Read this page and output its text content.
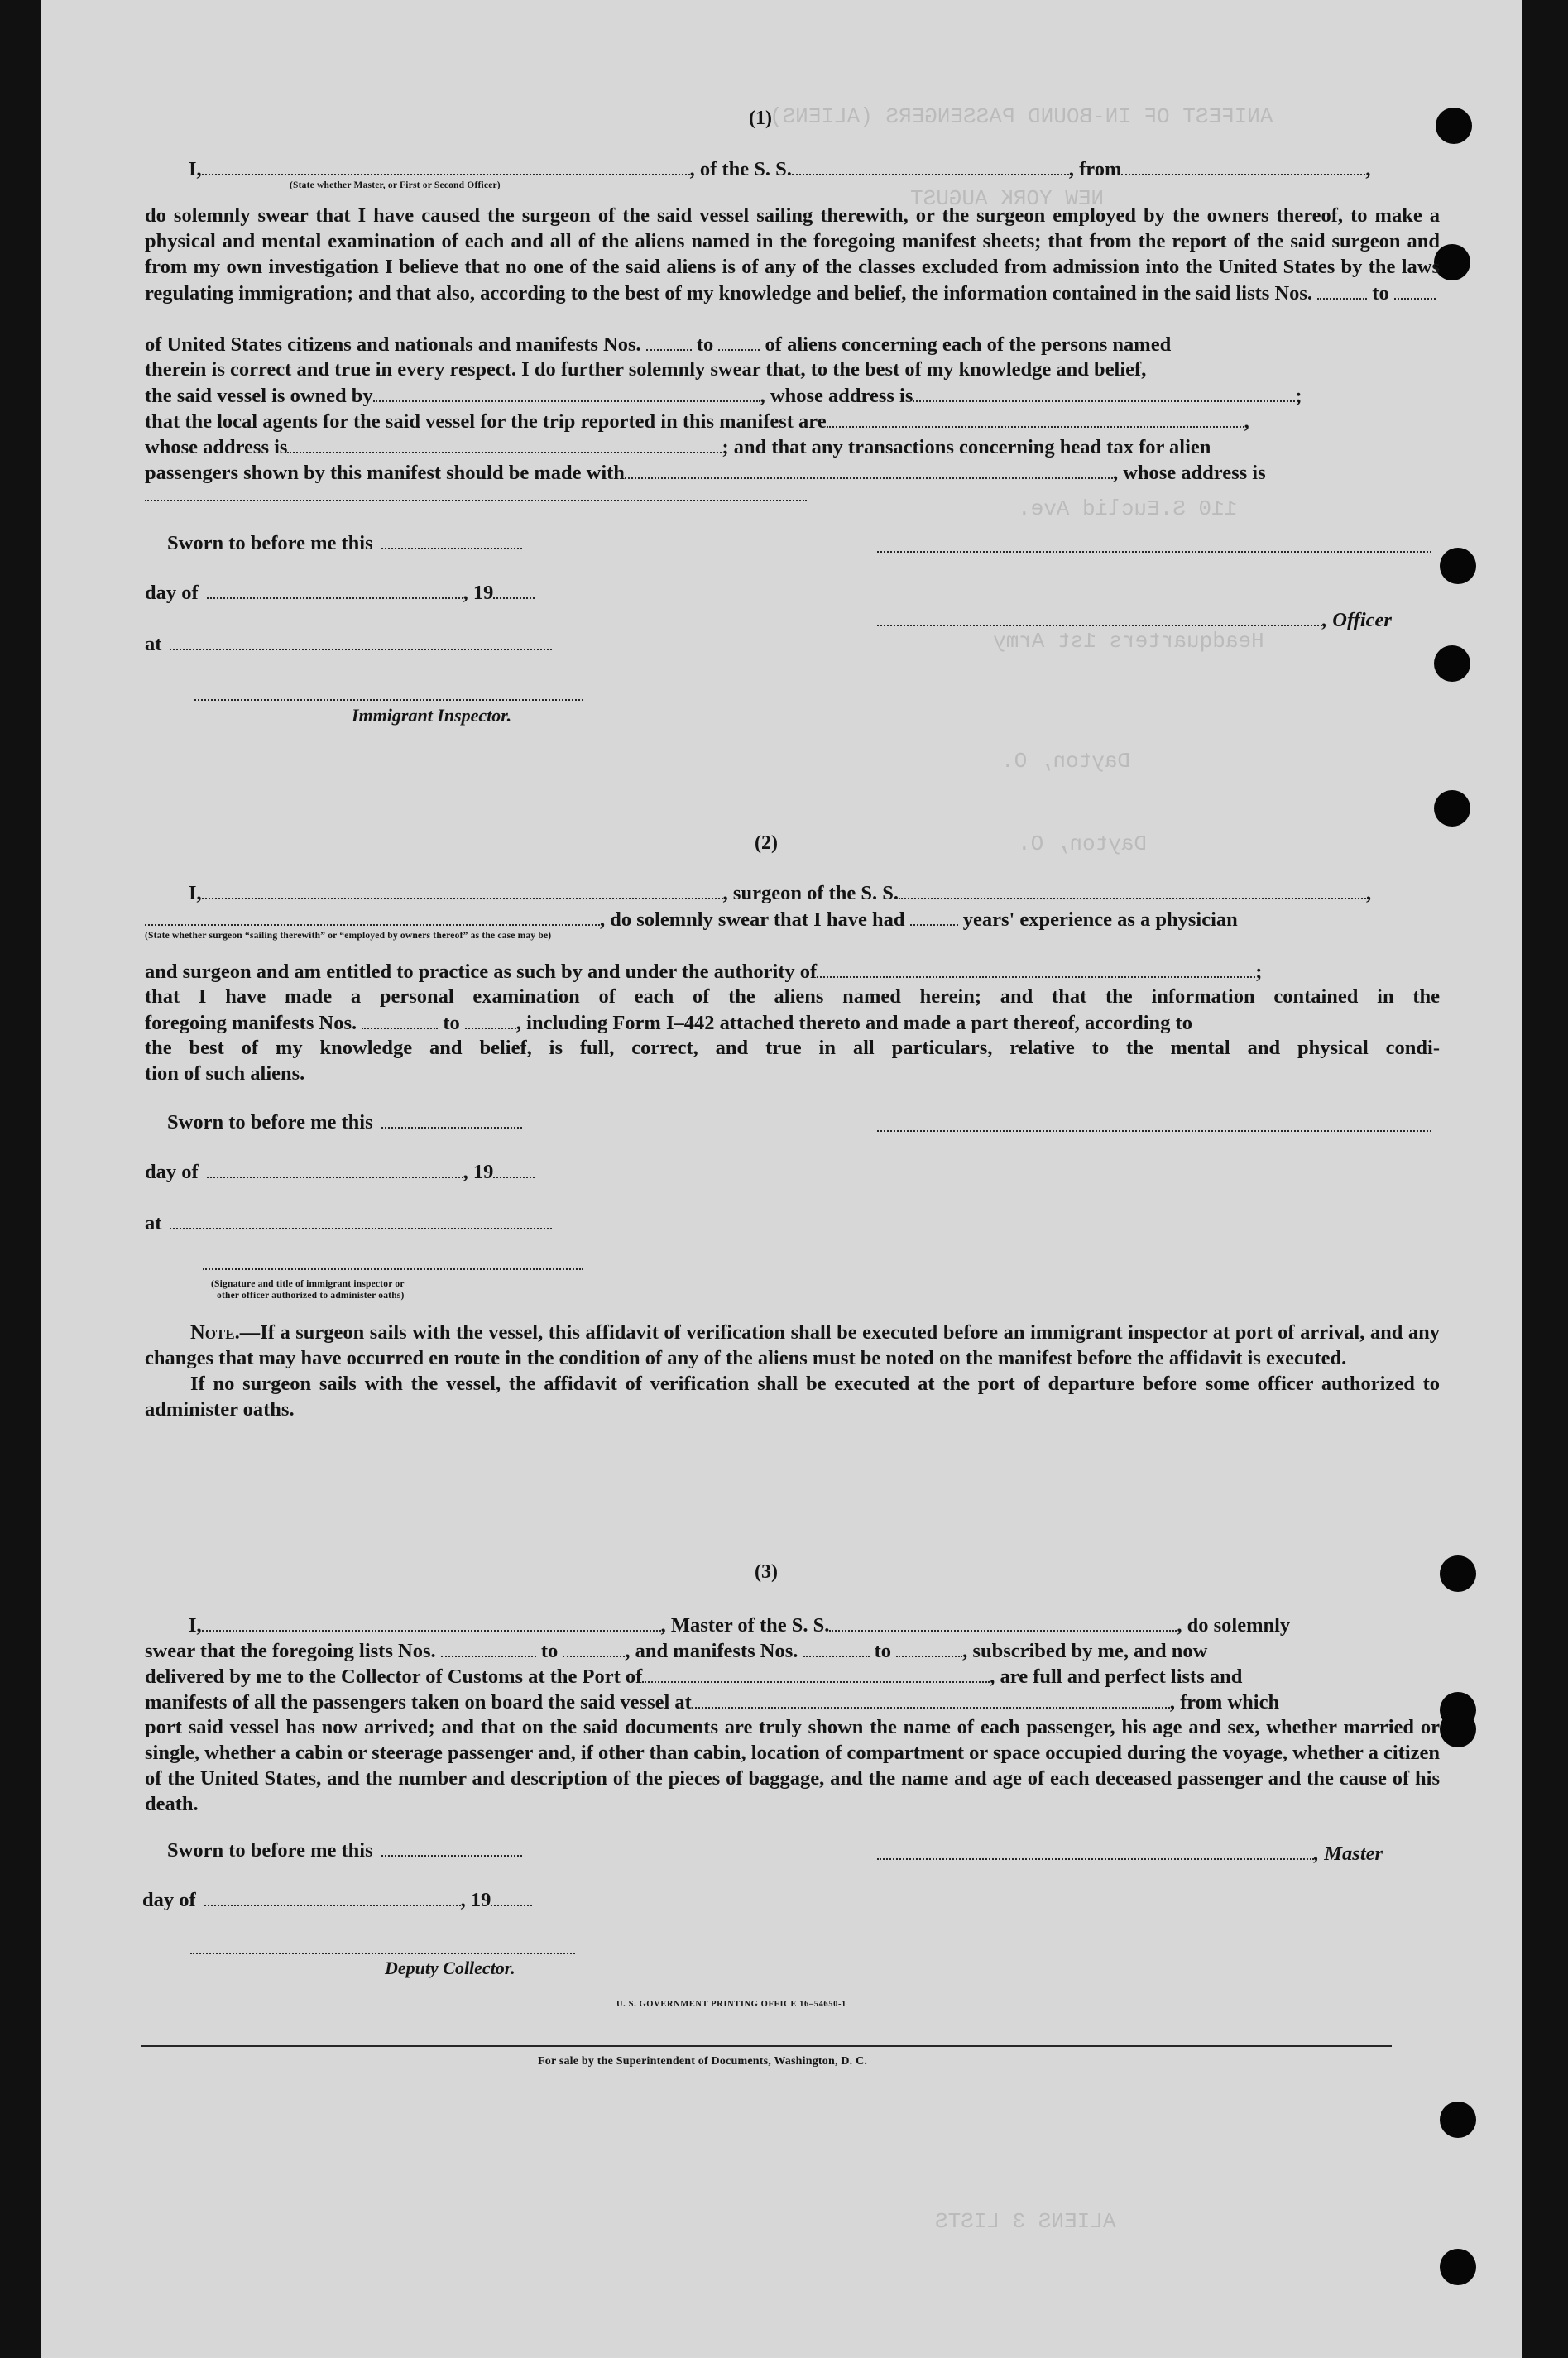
ANIFEST OF IN-BOUND PASSENGERS (ALIENS)
NEW YORK AUGUST
110 S.Euclid Ave.
Headquarters 1st Army
Dayton, O.
Dayton, O.
ALIENS 3 LISTS
(1)
I,	, of the S. S.	, from	,
(State whether Master, or First or Second Officer)

do solemnly swear that I have caused the surgeon of the said vessel sailing therewith, or the surgeon employed by the owners thereof, to make a physical and mental examination of each and all of the aliens named in the foregoing manifest sheets; that from the report of the said surgeon and from my own investigation I believe that no one of the said aliens is of any of the classes excluded from admission into the United States by the laws regulating immigration; and that also, according to the best of my knowledge and belief, the information contained in the said lists Nos.	to

of United States citizens and nationals and manifests Nos.	to	of aliens concerning each of the persons named
therein is correct and true in every respect. I do further solemnly swear that, to the best of my knowledge and belief,
the said vessel is owned by	, whose address is	;
that the local agents for the said vessel for the trip reported in this manifest are	,
whose address is	; and that any transactions concerning head tax for alien
passengers shown by this manifest should be made with	, whose address is
Sworn to before me this
day of	, 19
, Officer
at
Immigrant Inspector.
(2)
I,	, surgeon of the S. S.	,
, do solemnly swear that I have had	years' experience as a physician
(State whether surgeon “sailing therewith” or “employed by owners thereof” as the case may be)
and surgeon and am entitled to practice as such by and under the authority of	;
that I have made a personal examination of each of the aliens named herein; and that the information contained in the
foregoing manifests Nos.	to	, including Form I–442 attached thereto and made a part thereof, according to
the best of my knowledge and belief, is full, correct, and true in all particulars, relative to the mental and physical condi-
tion of such aliens.
Sworn to before me this
day of	, 19
at
(Signature and title of immigrant inspector or
other officer authorized to administer oaths)

Note.—If a surgeon sails with the vessel, this affidavit of verification shall be executed before an immigrant inspector at port of arrival, and any changes that may have occurred en route in the condition of any of the aliens must be noted on the manifest before the affidavit is executed.

If no surgeon sails with the vessel, the affidavit of verification shall be executed at the port of departure before some officer authorized to administer oaths.

(3)
I,	, Master of the S. S.	, do solemnly
swear that the foregoing lists Nos.	to	, and manifests Nos.	to	, subscribed by me, and now
delivered by me to the Collector of Customs at the Port of	, are full and perfect lists and
manifests of all the passengers taken on board the said vessel at	, from which
port said vessel has now arrived; and that on the said documents are truly shown the name of each passenger, his age and sex, whether married or single, whether a cabin or steerage passenger and, if other than cabin, location of compartment or space occupied during the voyage, whether a citizen of the United States, and the number and description of the pieces of baggage, and the name and age of each deceased passenger and the cause of his death.
Sworn to before me this	, Master
day of	, 19
Deputy Collector.
U. S. GOVERNMENT PRINTING OFFICE 16–54650-1
For sale by the Superintendent of Documents, Washington, D. C.
